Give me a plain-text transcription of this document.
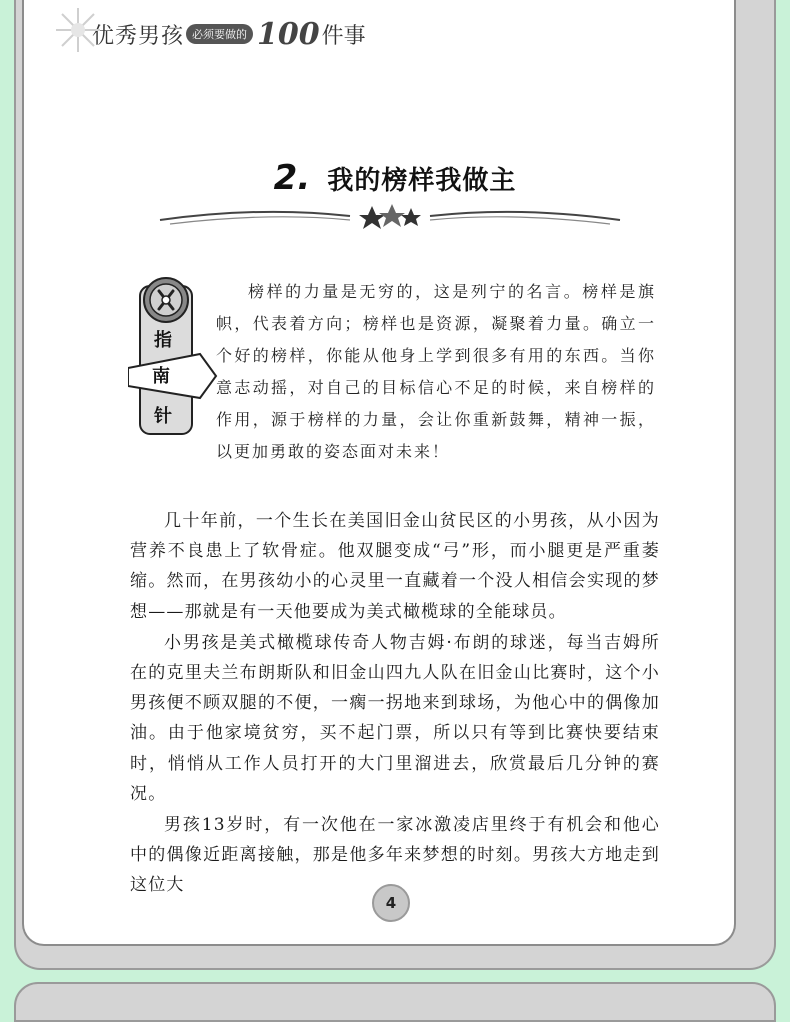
优秀男孩 必须要做的 100 件事
2. 我的榜样我做主
指
南
针

榜样的力量是无穷的，这是列宁的名言。榜样是旗帜，代表着方向；榜样也是资源，凝聚着力量。确立一个好的榜样，你能从他身上学到很多有用的东西。当你意志动摇，对自己的目标信心不足的时候，来自榜样的作用，源于榜样的力量，会让你重新鼓舞，精神一振，以更加勇敢的姿态面对未来！

几十年前，一个生长在美国旧金山贫民区的小男孩，从小因为营养不良患上了软骨症。他双腿变成“弓”形，而小腿更是严重萎缩。然而，在男孩幼小的心灵里一直藏着一个没人相信会实现的梦想——那就是有一天他要成为美式橄榄球的全能球员。

小男孩是美式橄榄球传奇人物吉姆·布朗的球迷，每当吉姆所在的克里夫兰布朗斯队和旧金山四九人队在旧金山比赛时，这个小男孩便不顾双腿的不便，一瘸一拐地来到球场，为他心中的偶像加油。由于他家境贫穷，买不起门票，所以只有等到比赛快要结束时，悄悄从工作人员打开的大门里溜进去，欣赏最后几分钟的赛况。

男孩13岁时，有一次他在一家冰激凌店里终于有机会和他心中的偶像近距离接触，那是他多年来梦想的时刻。男孩大方地走到这位大

4
